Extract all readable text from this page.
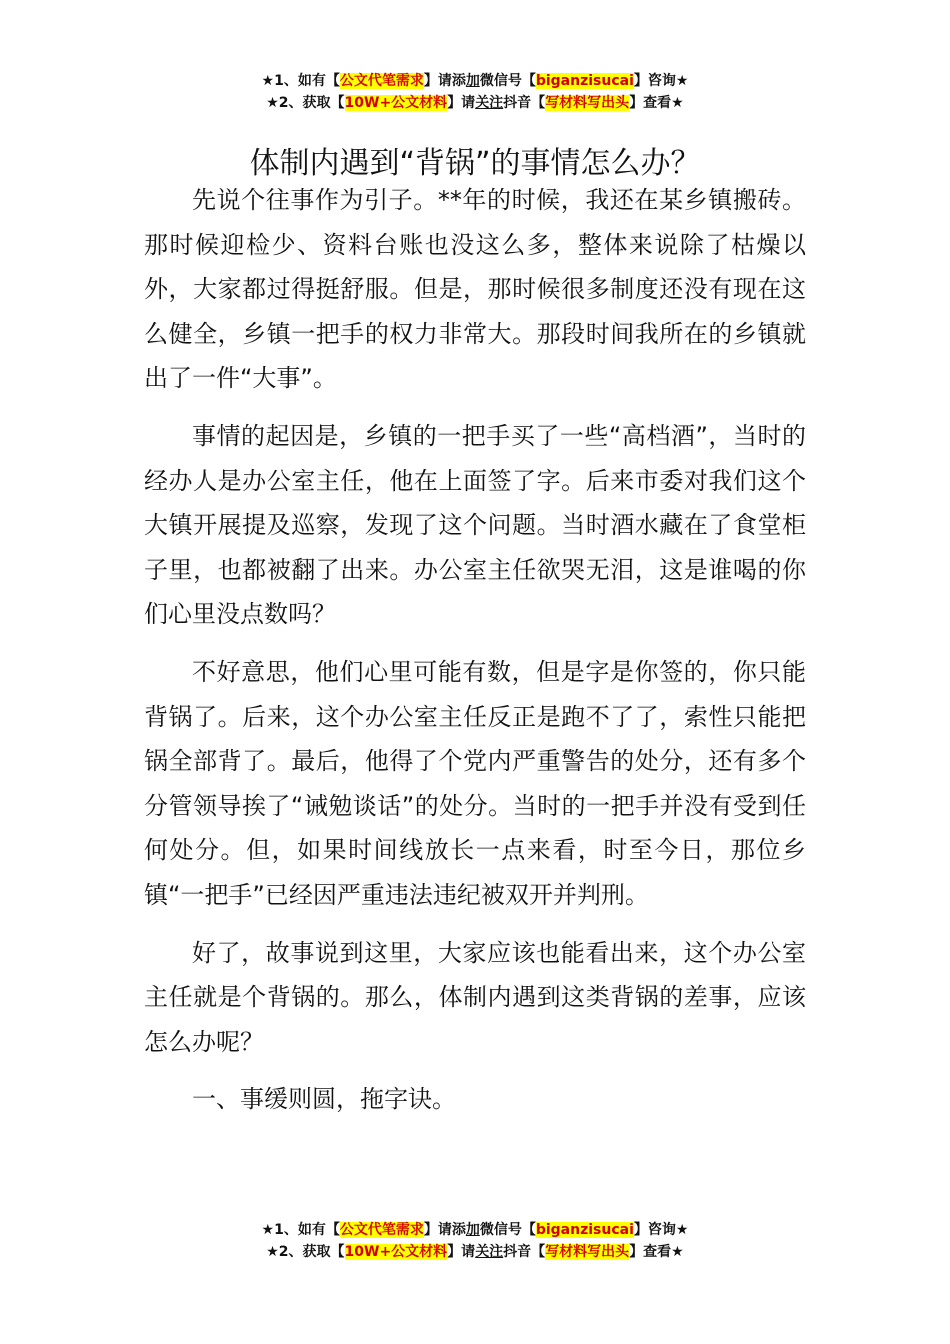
★1、如有【公文代笔需求】请添加微信号【biganzisucai】咨询★
★2、获取【10W+公文材料】请关注抖音【写材料写出头】查看★
体制内遇到“背锅”的事情怎么办？

先说个往事作为引子。**年的时候，我还在某乡镇搬砖。那时候迎检少、资料台账也没这么多，整体来说除了枯燥以外，大家都过得挺舒服。但是，那时候很多制度还没有现在这么健全，乡镇一把手的权力非常大。那段时间我所在的乡镇就出了一件“大事”。

事情的起因是，乡镇的一把手买了一些“高档酒”，当时的经办人是办公室主任，他在上面签了字。后来市委对我们这个大镇开展提及巡察，发现了这个问题。当时酒水藏在了食堂柜子里，也都被翻了出来。办公室主任欲哭无泪，这是谁喝的你们心里没点数吗？

不好意思，他们心里可能有数，但是字是你签的，你只能背锅了。后来，这个办公室主任反正是跑不了了，索性只能把锅全部背了。最后，他得了个党内严重警告的处分，还有多个分管领导挨了“诫勉谈话”的处分。当时的一把手并没有受到任何处分。但，如果时间线放长一点来看，时至今日，那位乡镇“一把手”已经因严重违法违纪被双开并判刑。

好了，故事说到这里，大家应该也能看出来，这个办公室主任就是个背锅的。那么，体制内遇到这类背锅的差事，应该怎么办呢？

一、事缓则圆，拖字诀。

★1、如有【公文代笔需求】请添加微信号【biganzisucai】咨询★
★2、获取【10W+公文材料】请关注抖音【写材料写出头】查看★
